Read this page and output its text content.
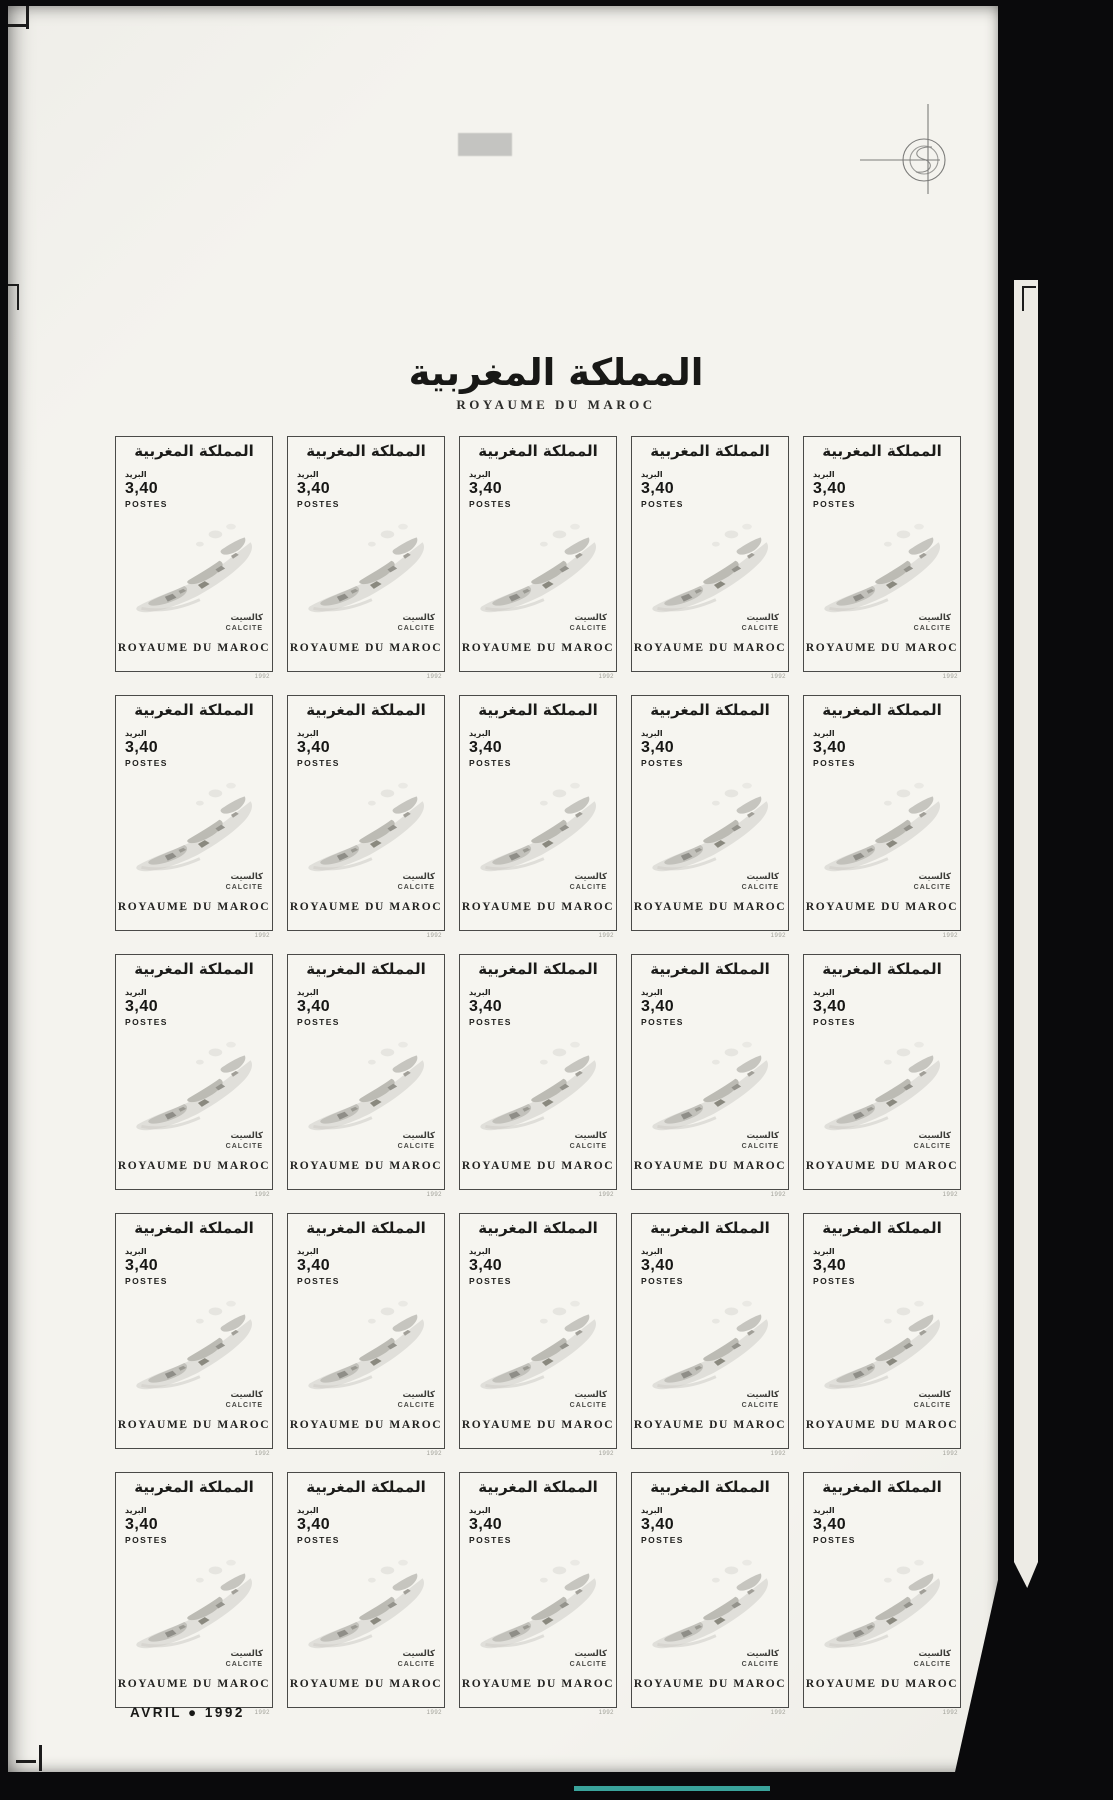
المملكة المغربية
ROYAUME DU MAROC
المملكة المغربية
البريد
3,40
POSTES
كالسيت
CALCITE
ROYAUME DU MAROC
1992
المملكة المغربية
البريد
3,40
POSTES
كالسيت
CALCITE
ROYAUME DU MAROC
1992
المملكة المغربية
البريد
3,40
POSTES
كالسيت
CALCITE
ROYAUME DU MAROC
1992
المملكة المغربية
البريد
3,40
POSTES
كالسيت
CALCITE
ROYAUME DU MAROC
1992
المملكة المغربية
البريد
3,40
POSTES
كالسيت
CALCITE
ROYAUME DU MAROC
1992
المملكة المغربية
البريد
3,40
POSTES
كالسيت
CALCITE
ROYAUME DU MAROC
1992
المملكة المغربية
البريد
3,40
POSTES
كالسيت
CALCITE
ROYAUME DU MAROC
1992
المملكة المغربية
البريد
3,40
POSTES
كالسيت
CALCITE
ROYAUME DU MAROC
1992
المملكة المغربية
البريد
3,40
POSTES
كالسيت
CALCITE
ROYAUME DU MAROC
1992
المملكة المغربية
البريد
3,40
POSTES
كالسيت
CALCITE
ROYAUME DU MAROC
1992
المملكة المغربية
البريد
3,40
POSTES
كالسيت
CALCITE
ROYAUME DU MAROC
1992
المملكة المغربية
البريد
3,40
POSTES
كالسيت
CALCITE
ROYAUME DU MAROC
1992
المملكة المغربية
البريد
3,40
POSTES
كالسيت
CALCITE
ROYAUME DU MAROC
1992
المملكة المغربية
البريد
3,40
POSTES
كالسيت
CALCITE
ROYAUME DU MAROC
1992
المملكة المغربية
البريد
3,40
POSTES
كالسيت
CALCITE
ROYAUME DU MAROC
1992
المملكة المغربية
البريد
3,40
POSTES
كالسيت
CALCITE
ROYAUME DU MAROC
1992
المملكة المغربية
البريد
3,40
POSTES
كالسيت
CALCITE
ROYAUME DU MAROC
1992
المملكة المغربية
البريد
3,40
POSTES
كالسيت
CALCITE
ROYAUME DU MAROC
1992
المملكة المغربية
البريد
3,40
POSTES
كالسيت
CALCITE
ROYAUME DU MAROC
1992
المملكة المغربية
البريد
3,40
POSTES
كالسيت
CALCITE
ROYAUME DU MAROC
1992
المملكة المغربية
البريد
3,40
POSTES
كالسيت
CALCITE
ROYAUME DU MAROC
1992
المملكة المغربية
البريد
3,40
POSTES
كالسيت
CALCITE
ROYAUME DU MAROC
1992
المملكة المغربية
البريد
3,40
POSTES
كالسيت
CALCITE
ROYAUME DU MAROC
1992
المملكة المغربية
البريد
3,40
POSTES
كالسيت
CALCITE
ROYAUME DU MAROC
1992
المملكة المغربية
البريد
3,40
POSTES
كالسيت
CALCITE
ROYAUME DU MAROC
1992
AVRIL ● 1992
